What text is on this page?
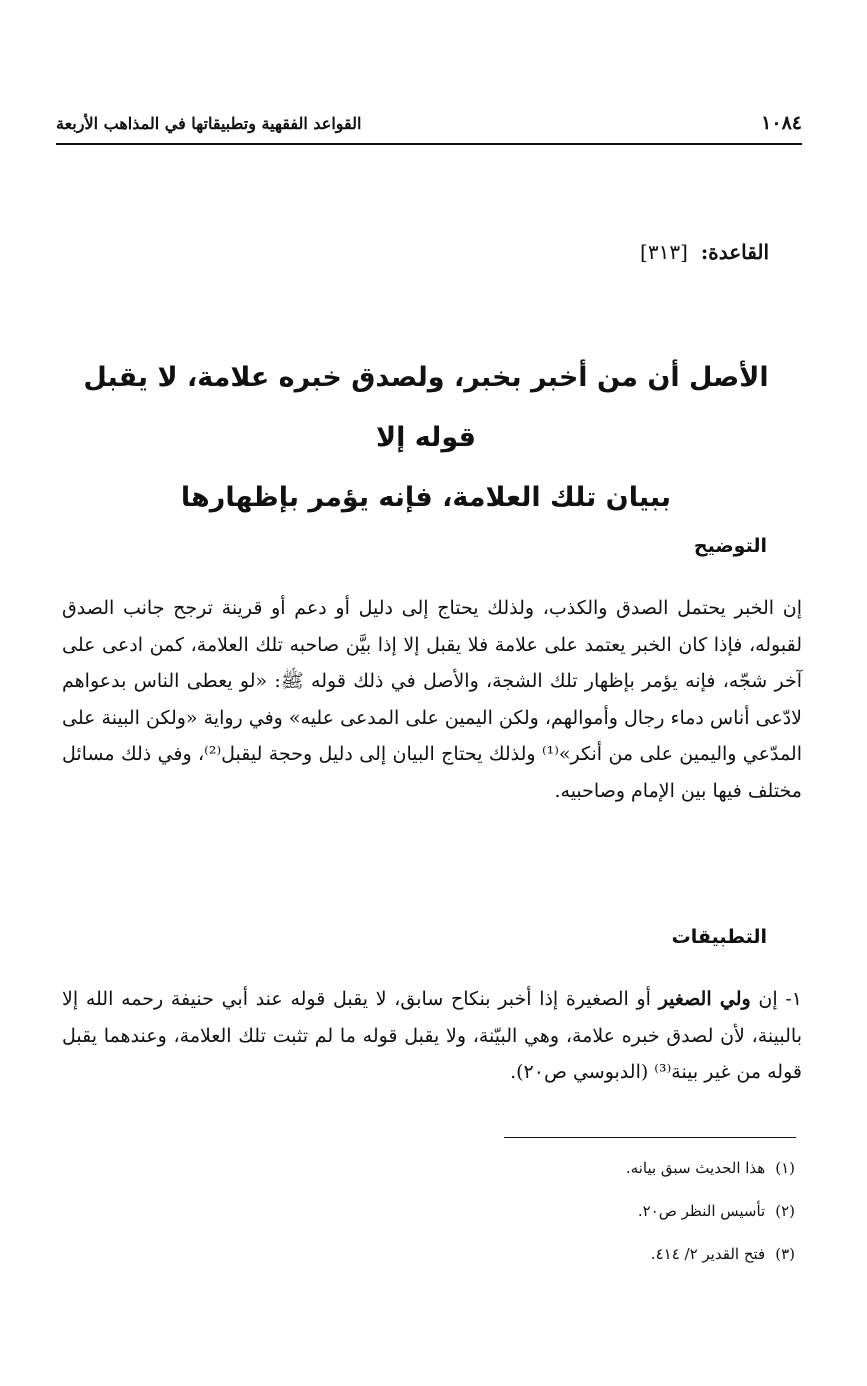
١٠٨٤
القواعد الفقهية وتطبيقاتها في المذاهب الأربعة
القاعدة: [٣١٣]
الأصل أن من أخبر بخبر، ولصدق خبره علامة، لا يقبل قوله إلا
ببيان تلك العلامة، فإنه يؤمر بإظهارها
التوضيح
إن الخبر يحتمل الصدق والكذب، ولذلك يحتاج إلى دليل أو دعم أو قرينة ترجح جانب الصدق لقبوله، فإذا كان الخبر يعتمد على علامة فلا يقبل إلا إذا بيَّن صاحبه تلك العلامة، كمن ادعى على آخر شجّه، فإنه يؤمر بإظهار تلك الشجة، والأصل في ذلك قوله ﷺ: «لو يعطى الناس بدعواهم لادّعى أناس دماء رجال وأموالهم، ولكن اليمين على المدعى عليه» وفي رواية «ولكن البينة على المدّعي واليمين على من أنكر»⁽¹⁾ ولذلك يحتاج البيان إلى دليل وحجة ليقبل⁽²⁾، وفي ذلك مسائل مختلف فيها بين الإمام وصاحبيه.
التطبيقات
١- إن ولي الصغير أو الصغيرة إذا أخبر بنكاح سابق، لا يقبل قوله عند أبي حنيفة رحمه الله إلا بالبينة، لأن لصدق خبره علامة، وهي البيّنة، ولا يقبل قوله ما لم تثبت تلك العلامة، وعندهما يقبل قوله من غير بينة⁽³⁾ (الدبوسي ص٢٠).
(١)هذا الحديث سبق بيانه.
(٢)تأسيس النظر ص٢٠.
(٣)فتح القدير ٢/ ٤١٤.
